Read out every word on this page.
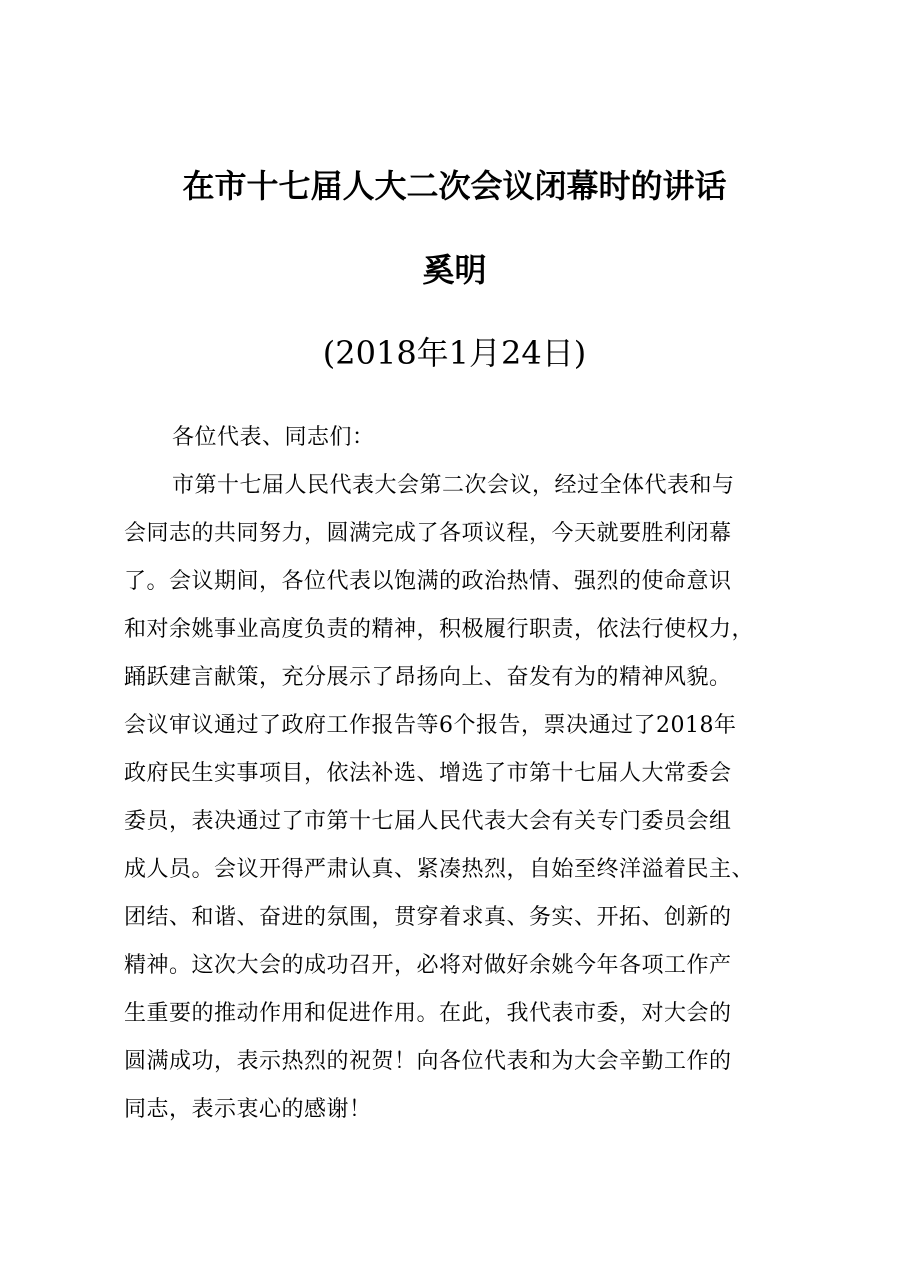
在市十七届人大二次会议闭幕时的讲话
奚明
(2018年1月24日)
各位代表、同志们：
市第十七届人民代表大会第二次会议，经过全体代表和与
会同志的共同努力，圆满完成了各项议程，今天就要胜利闭幕
了。会议期间，各位代表以饱满的政治热情、强烈的使命意识
和对余姚事业高度负责的精神，积极履行职责，依法行使权力，
踊跃建言献策，充分展示了昂扬向上、奋发有为的精神风貌。
会议审议通过了政府工作报告等6个报告，票决通过了2018年
政府民生实事项目，依法补选、增选了市第十七届人大常委会
委员，表决通过了市第十七届人民代表大会有关专门委员会组
成人员。会议开得严肃认真、紧凑热烈，自始至终洋溢着民主、
团结、和谐、奋进的氛围，贯穿着求真、务实、开拓、创新的
精神。这次大会的成功召开，必将对做好余姚今年各项工作产
生重要的推动作用和促进作用。在此，我代表市委，对大会的
圆满成功，表示热烈的祝贺！向各位代表和为大会辛勤工作的
同志，表示衷心的感谢！
